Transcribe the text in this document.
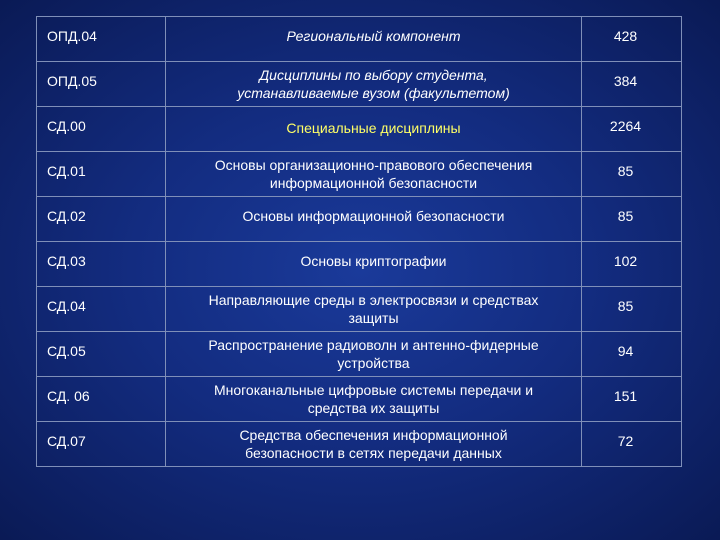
ОПД.04	Региональный компонент	428
ОПД.05	Дисциплины по выбору студента,
устанавливаемые вузом (факультетом)	384
СД.00	Специальные дисциплины	2264
СД.01	Основы организационно-правового обеспечения
информационной безопасности	85
СД.02	Основы информационной безопасности	85
СД.03	Основы криптографии	102
СД.04	Направляющие среды в электросвязи и средствах
защиты	85
СД.05	Распространение радиоволн и антенно-фидерные
устройства	94
СД. 06	Многоканальные цифровые системы передачи и
средства их защиты	151
СД.07	Средства обеспечения информационной
безопасности в сетях передачи данных	72
